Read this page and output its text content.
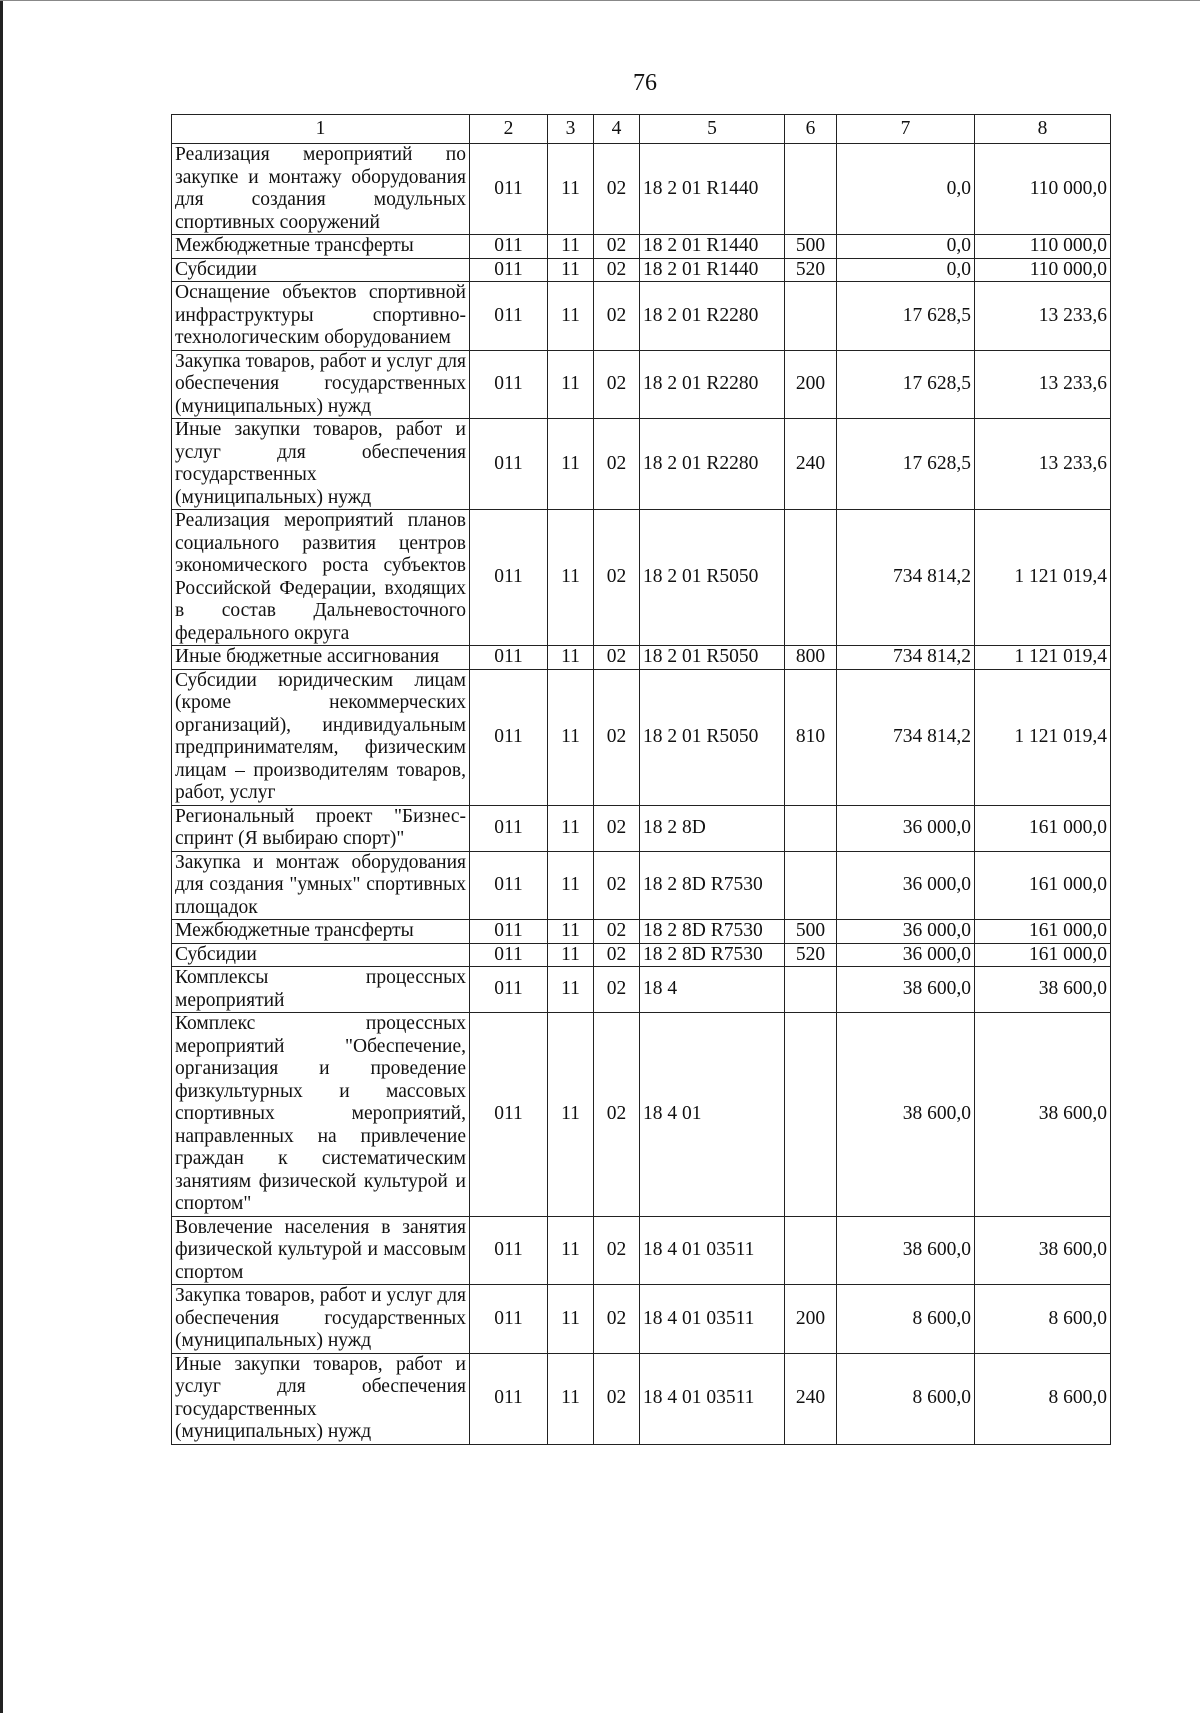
76
1	2	3	4	5	6	7	8
Реализация мероприятий по закупке и монтажу оборудования для создания модульных спортивных сооружений	011	11	02	18 2 01 R1440		0,0	110 000,0
Межбюджетные трансферты	011	11	02	18 2 01 R1440	500	0,0	110 000,0
Субсидии	011	11	02	18 2 01 R1440	520	0,0	110 000,0
Оснащение объектов спортивной инфраструктуры спортивно-технологическим оборудованием	011	11	02	18 2 01 R2280		17 628,5	13 233,6
Закупка товаров, работ и услуг для обеспечения государственных (муниципальных) нужд	011	11	02	18 2 01 R2280	200	17 628,5	13 233,6
Иные закупки товаров, работ и услуг для обеспечения государственных (муниципальных) нужд	011	11	02	18 2 01 R2280	240	17 628,5	13 233,6
Реализация мероприятий планов социального развития центров экономического роста субъектов Российской Федерации, входящих в состав Дальневосточного федерального округа	011	11	02	18 2 01 R5050		734 814,2	1 121 019,4
Иные бюджетные ассигнования	011	11	02	18 2 01 R5050	800	734 814,2	1 121 019,4
Субсидии юридическим лицам (кроме некоммерческих организаций), индивидуальным предпринимателям, физическим лицам – производителям товаров, работ, услуг	011	11	02	18 2 01 R5050	810	734 814,2	1 121 019,4
Региональный проект "Бизнес-спринт (Я выбираю спорт)"	011	11	02	18 2 8D		36 000,0	161 000,0
Закупка и монтаж оборудования для создания "умных" спортивных площадок	011	11	02	18 2 8D R7530		36 000,0	161 000,0
Межбюджетные трансферты	011	11	02	18 2 8D R7530	500	36 000,0	161 000,0
Субсидии	011	11	02	18 2 8D R7530	520	36 000,0	161 000,0
Комплексы процессных мероприятий	011	11	02	18 4		38 600,0	38 600,0
Комплекс процессных мероприятий "Обеспечение, организация и проведение физкультурных и массовых спортивных мероприятий, направленных на привлечение граждан к систематическим занятиям физической культурой и спортом"	011	11	02	18 4 01		38 600,0	38 600,0
Вовлечение населения в занятия физической культурой и массовым спортом	011	11	02	18 4 01 03511		38 600,0	38 600,0
Закупка товаров, работ и услуг для обеспечения государственных (муниципальных) нужд	011	11	02	18 4 01 03511	200	8 600,0	8 600,0
Иные закупки товаров, работ и услуг для обеспечения государственных (муниципальных) нужд	011	11	02	18 4 01 03511	240	8 600,0	8 600,0
